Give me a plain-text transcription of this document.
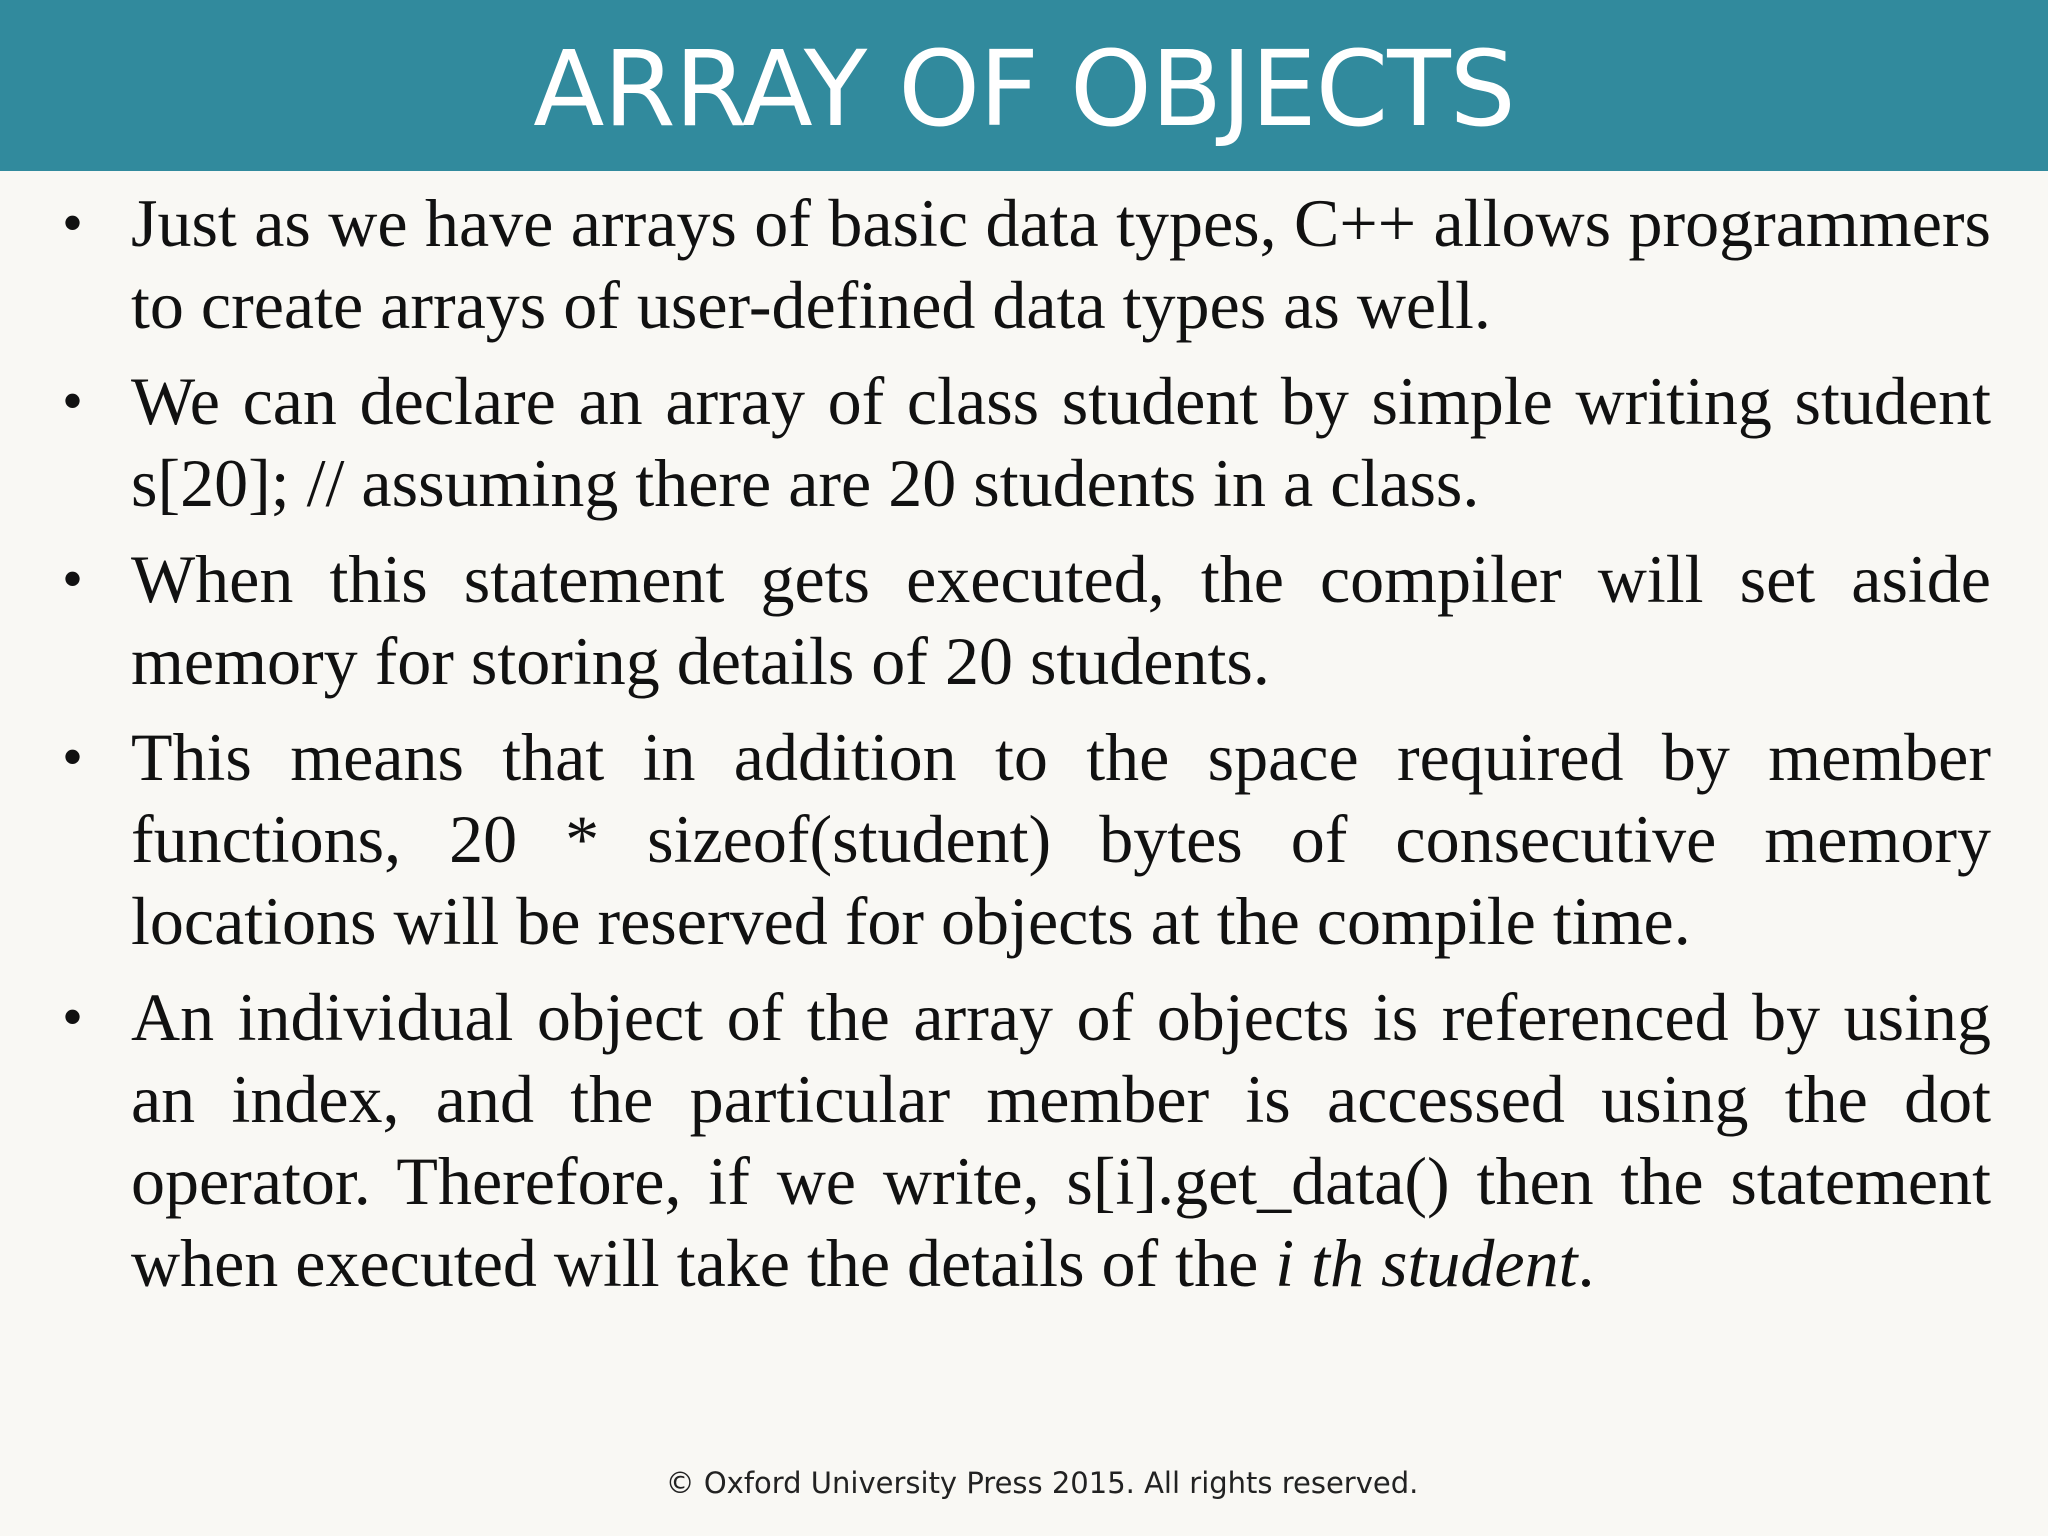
ARRAY OF OBJECTS
• Just as we have arrays of basic data types, C++ allows programmers to create arrays of user-defined data types as well.
• We can declare an array of class student by simple writing student s[20]; // assuming there are 20 students in a class.
• When this statement gets executed, the compiler will set aside memory for storing details of 20 students.
• This means that in addition to the space required by member functions, 20 * sizeof(student) bytes of consecutive memory locations will be reserved for objects at the compile time.
• An individual object of the array of objects is referenced by using an index, and the particular member is accessed using the dot operator. Therefore, if we write, s[i].get_data() then the statement when executed will take the details of the i th student.
© Oxford University Press 2015. All rights reserved.
